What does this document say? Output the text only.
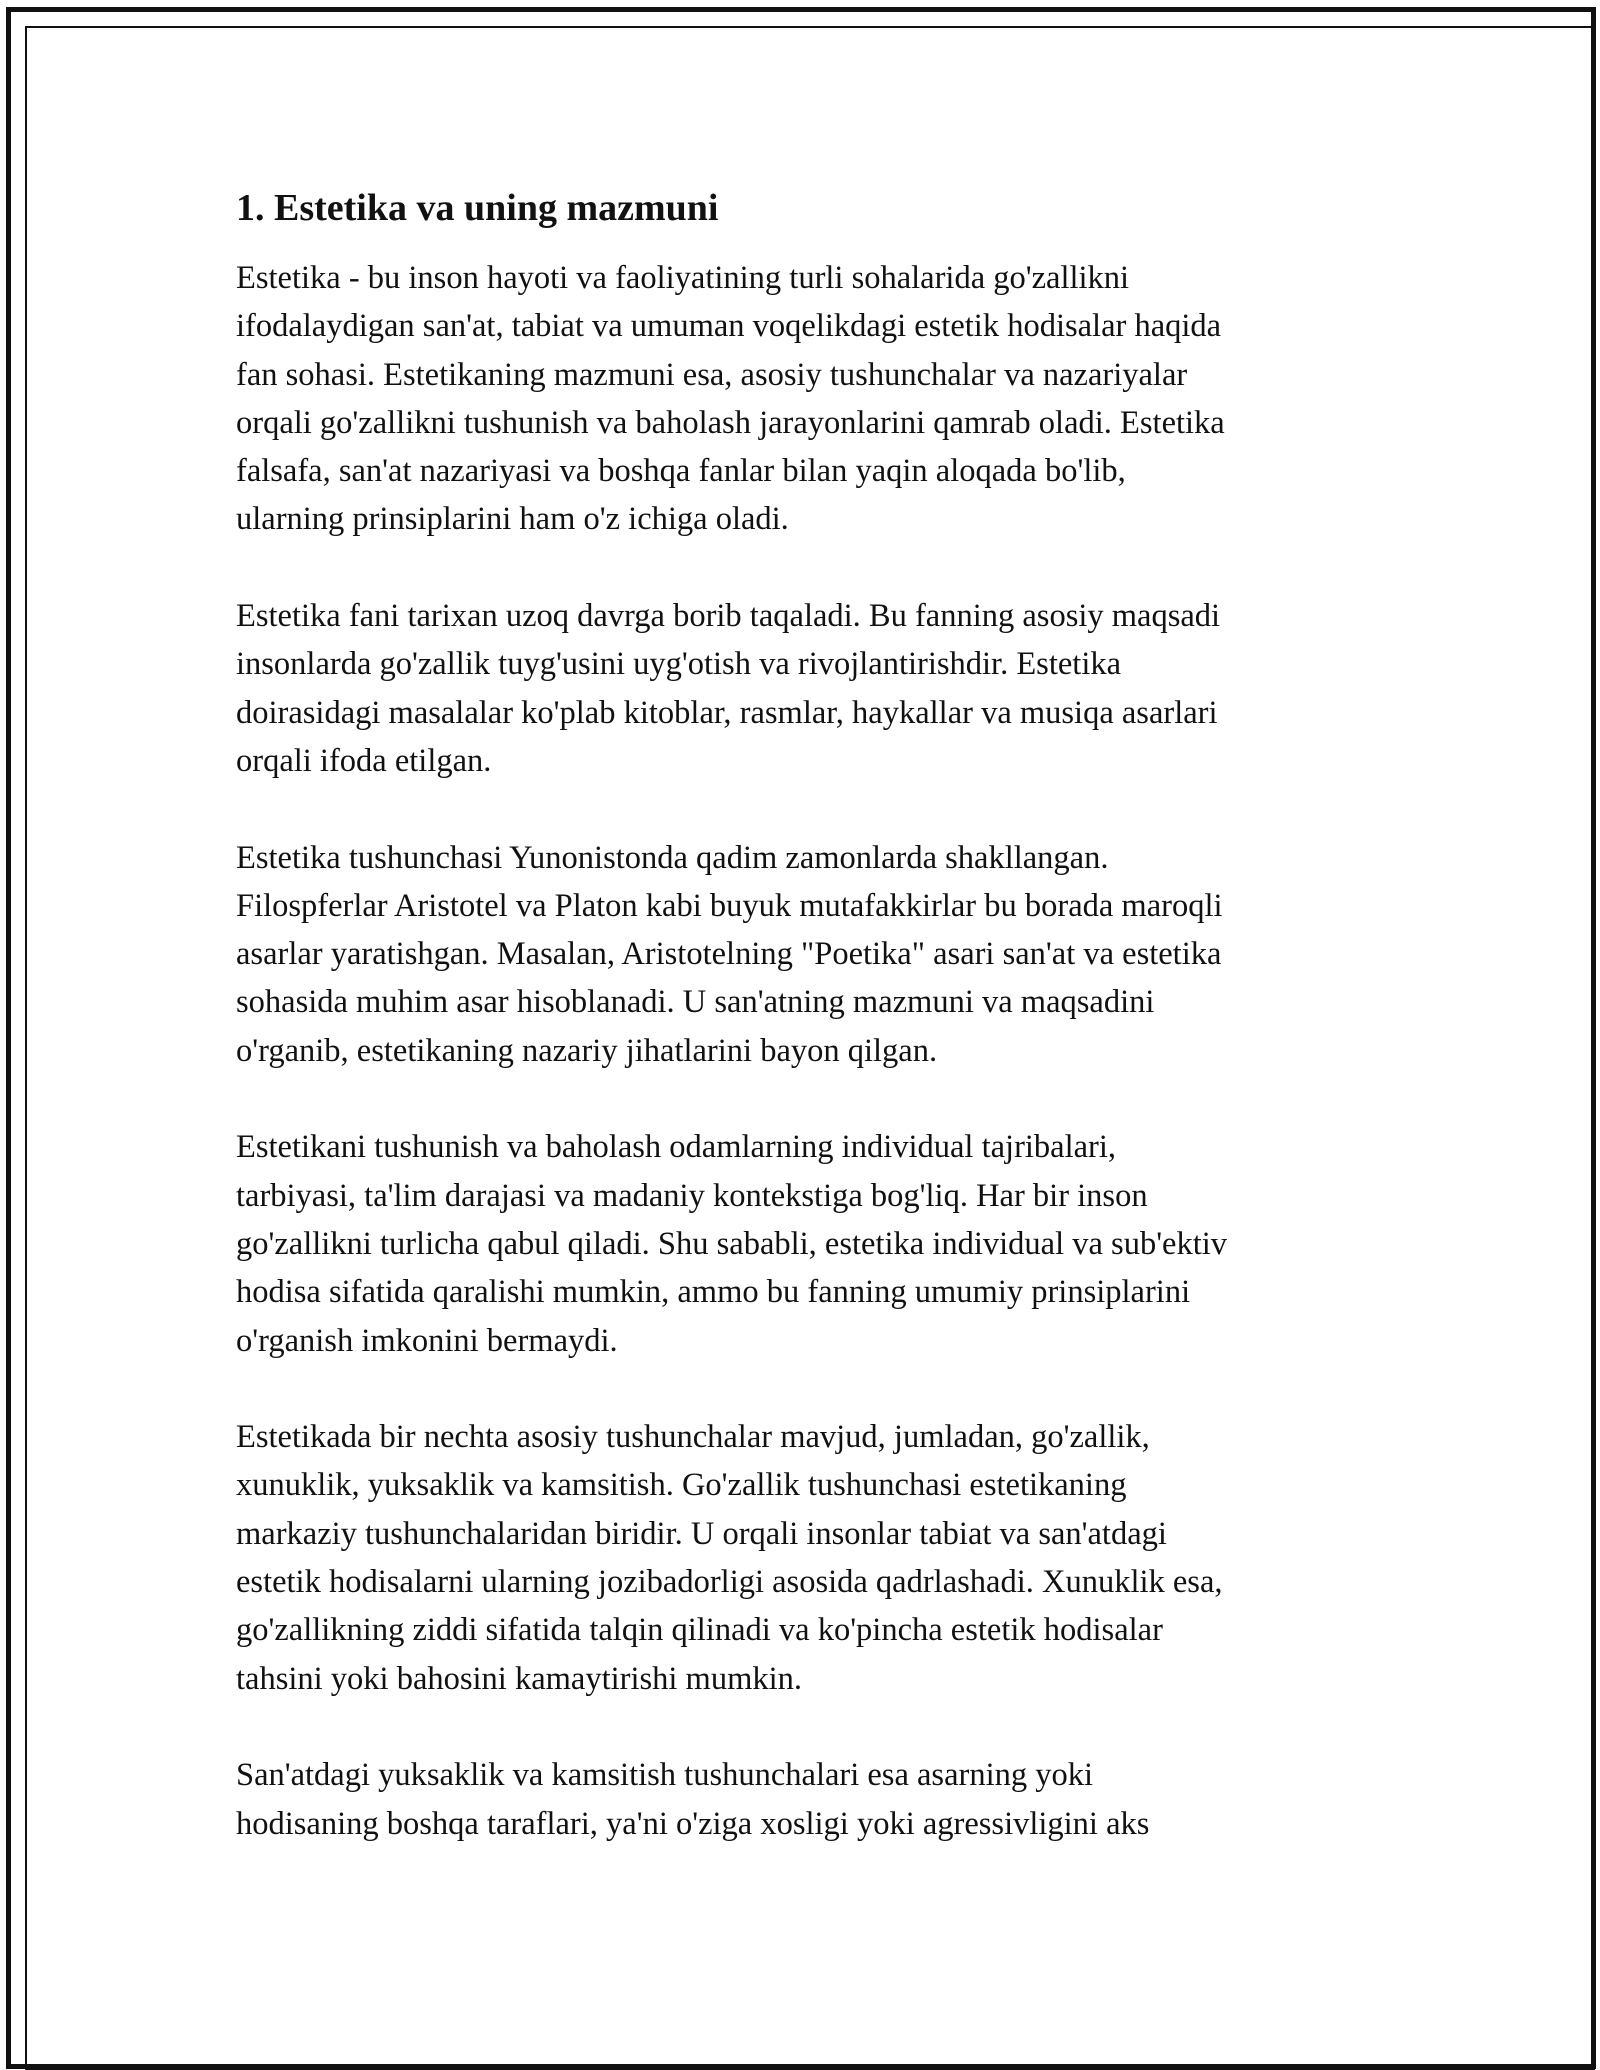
1. Estetika va uning mazmuni

Estetika - bu inson hayoti va faoliyatining turli sohalarida go'zallikni
ifodalaydigan san'at, tabiat va umuman voqelikdagi estetik hodisalar haqida
fan sohasi. Estetikaning mazmuni esa, asosiy tushunchalar va nazariyalar
orqali go'zallikni tushunish va baholash jarayonlarini qamrab oladi. Estetika
falsafa, san'at nazariyasi va boshqa fanlar bilan yaqin aloqada bo'lib,
ularning prinsiplarini ham o'z ichiga oladi.

Estetika fani tarixan uzoq davrga borib taqaladi. Bu fanning asosiy maqsadi
insonlarda go'zallik tuyg'usini uyg'otish va rivojlantirishdir. Estetika
doirasidagi masalalar ko'plab kitoblar, rasmlar, haykallar va musiqa asarlari
orqali ifoda etilgan.

Estetika tushunchasi Yunonistonda qadim zamonlarda shakllangan.
Filospferlar Aristotel va Platon kabi buyuk mutafakkirlar bu borada maroqli
asarlar yaratishgan. Masalan, Aristotelning "Poetika" asari san'at va estetika
sohasida muhim asar hisoblanadi. U san'atning mazmuni va maqsadini
o'rganib, estetikaning nazariy jihatlarini bayon qilgan.

Estetikani tushunish va baholash odamlarning individual tajribalari,
tarbiyasi, ta'lim darajasi va madaniy kontekstiga bog'liq. Har bir inson
go'zallikni turlicha qabul qiladi. Shu sababli, estetika individual va sub'ektiv
hodisa sifatida qaralishi mumkin, ammo bu fanning umumiy prinsiplarini
o'rganish imkonini bermaydi.

Estetikada bir nechta asosiy tushunchalar mavjud, jumladan, go'zallik,
xunuklik, yuksaklik va kamsitish. Go'zallik tushunchasi estetikaning
markaziy tushunchalaridan biridir. U orqali insonlar tabiat va san'atdagi
estetik hodisalarni ularning jozibadorligi asosida qadrlashadi. Xunuklik esa,
go'zallikning ziddi sifatida talqin qilinadi va ko'pincha estetik hodisalar
tahsini yoki bahosini kamaytirishi mumkin.

San'atdagi yuksaklik va kamsitish tushunchalari esa asarning yoki
hodisaning boshqa taraflari, ya'ni o'ziga xosligi yoki agressivligini aks
